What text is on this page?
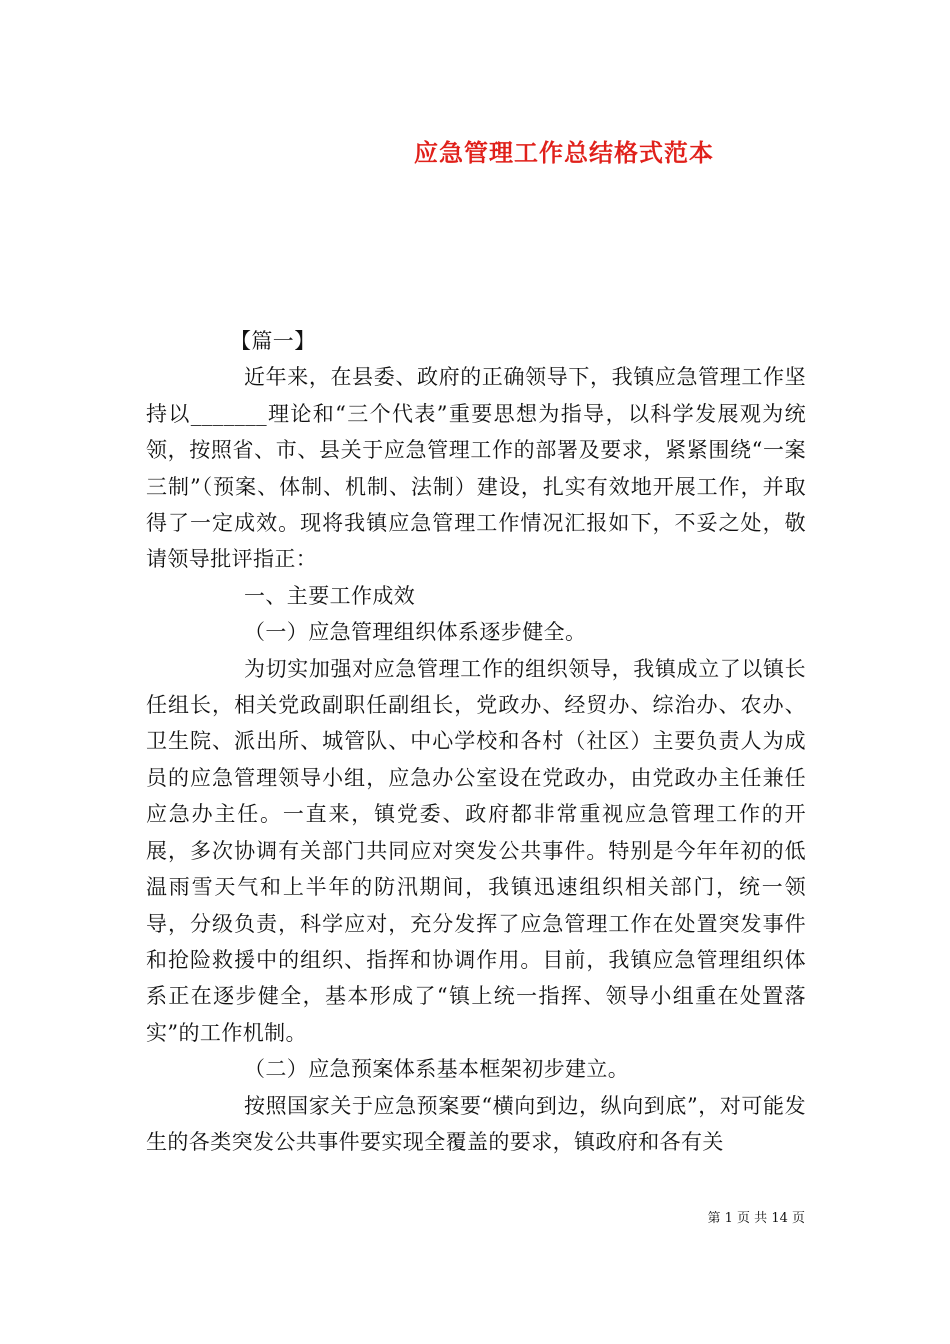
应急管理工作总结格式范本

【篇一】

近年来，在县委、政府的正确领导下，我镇应急管理工作坚持以_______理论和“三个代表”重要思想为指导，以科学发展观为统领，按照省、市、县关于应急管理工作的部署及要求，紧紧围绕“一案三制”（预案、体制、机制、法制）建设，扎实有效地开展工作，并取得了一定成效。现将我镇应急管理工作情况汇报如下，不妥之处，敬请领导批评指正：

一、主要工作成效

（一）应急管理组织体系逐步健全。

为切实加强对应急管理工作的组织领导，我镇成立了以镇长任组长，相关党政副职任副组长，党政办、经贸办、综治办、农办、卫生院、派出所、城管队、中心学校和各村（社区）主要负责人为成员的应急管理领导小组，应急办公室设在党政办，由党政办主任兼任应急办主任。一直来，镇党委、政府都非常重视应急管理工作的开展，多次协调有关部门共同应对突发公共事件。特别是今年年初的低温雨雪天气和上半年的防汛期间，我镇迅速组织相关部门，统一领导，分级负责，科学应对，充分发挥了应急管理工作在处置突发事件和抢险救援中的组织、指挥和协调作用。目前，我镇应急管理组织体系正在逐步健全，基本形成了“镇上统一指挥、领导小组重在处置落实”的工作机制。

（二）应急预案体系基本框架初步建立。

按照国家关于应急预案要“横向到边，纵向到底”，对可能发生的各类突发公共事件要实现全覆盖的要求，镇政府和各有关

第 1 页 共 14 页
